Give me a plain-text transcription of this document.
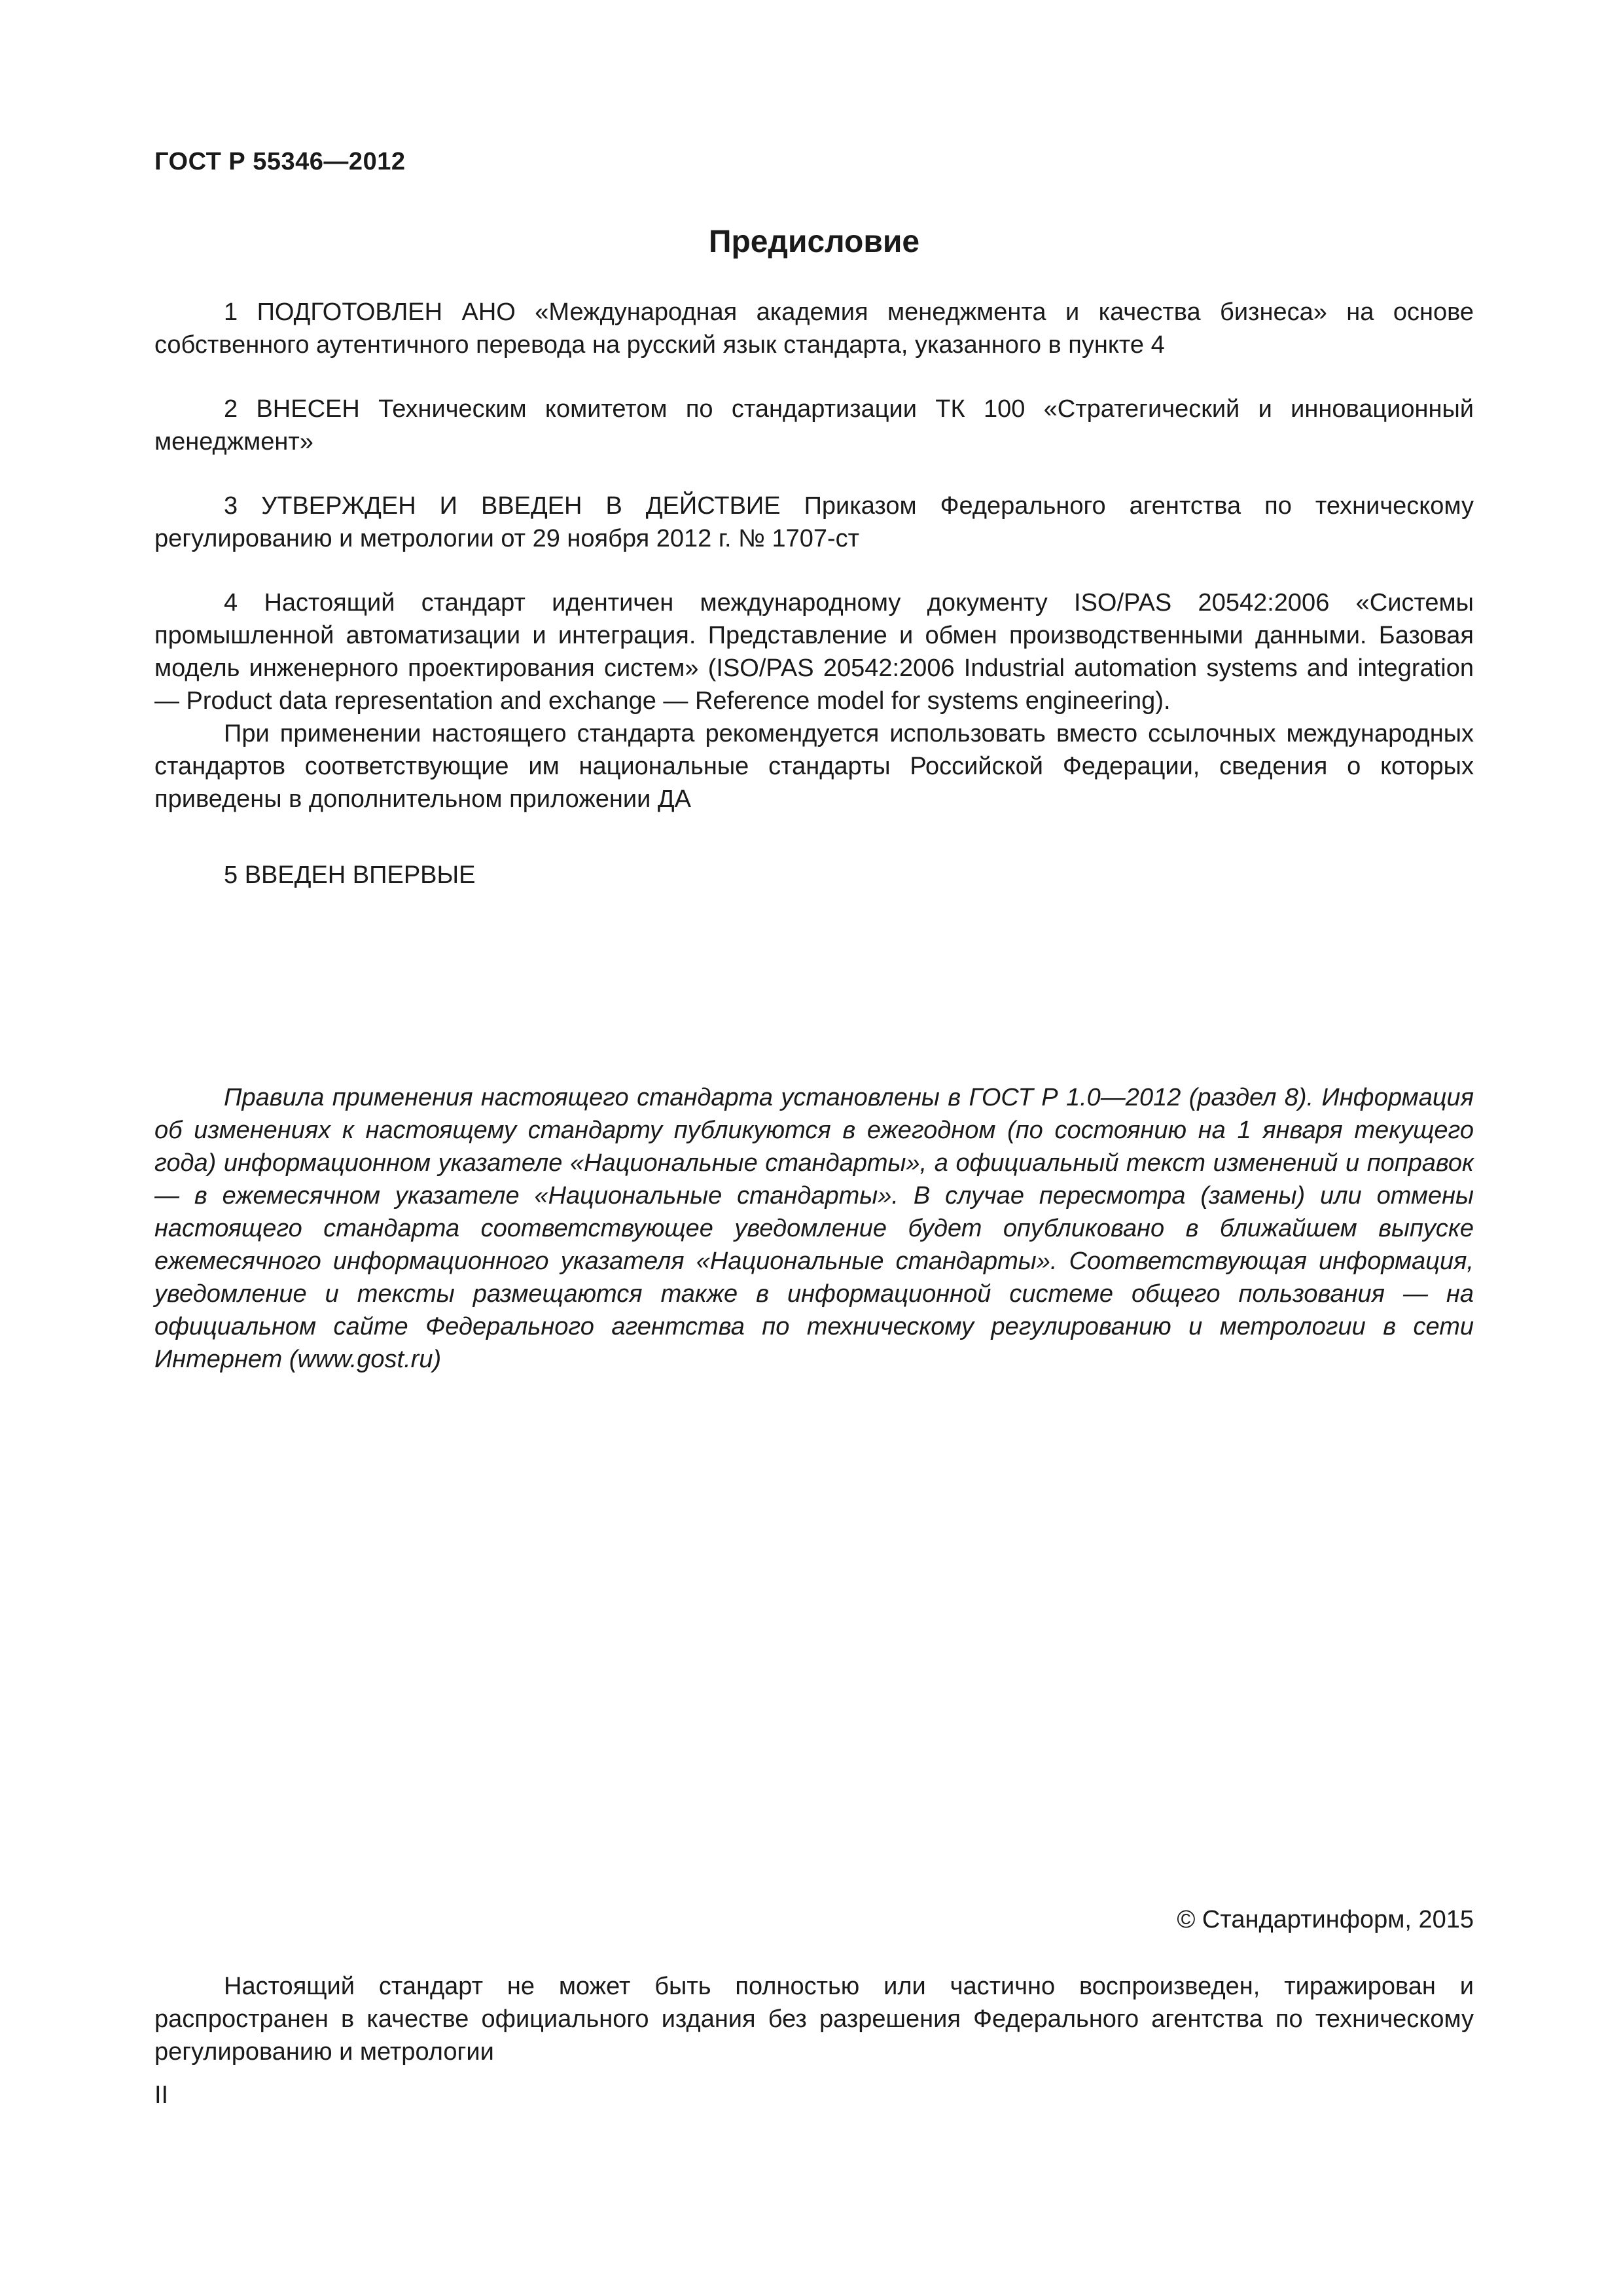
ГОСТ Р 55346—2012
Предисловие

1 ПОДГОТОВЛЕН АНО «Международная академия менеджмента и качества бизнеса» на основе собственного аутентичного перевода на русский язык стандарта, указанного в пункте 4

2 ВНЕСЕН Техническим комитетом по стандартизации ТК 100 «Стратегический и инновационный менеджмент»

3 УТВЕРЖДЕН И ВВЕДЕН В ДЕЙСТВИЕ Приказом Федерального агентства по техническому регулированию и метрологии от 29 ноября 2012 г. № 1707-ст

4 Настоящий стандарт идентичен международному документу ISO/PAS 20542:2006 «Системы промышленной автоматизации и интеграция. Представление и обмен производственными данными. Базовая модель инженерного проектирования систем» (ISO/PAS 20542:2006 Industrial automation systems and integration — Product data representation and exchange — Reference model for systems engineering).

При применении настоящего стандарта рекомендуется использовать вместо ссылочных международных стандартов соответствующие им национальные стандарты Российской Федерации, сведения о которых приведены в дополнительном приложении ДА

5 ВВЕДЕН ВПЕРВЫЕ

Правила применения настоящего стандарта установлены в ГОСТ Р 1.0—2012 (раздел 8). Информация об изменениях к настоящему стандарту публикуются в ежегодном (по состоянию на 1 января текущего года) информационном указателе «Национальные стандарты», а официальный текст изменений и поправок — в ежемесячном указателе «Национальные стандарты». В случае пересмотра (замены) или отмены настоящего стандарта соответствующее уведомление будет опубликовано в ближайшем выпуске ежемесячного информационного указателя «Национальные стандарты». Соответствующая информация, уведомление и тексты размещаются также в информационной системе общего пользования — на официальном сайте Федерального агентства по техническому регулированию и метрологии в сети Интернет (www.gost.ru)

© Стандартинформ, 2015

Настоящий стандарт не может быть полностью или частично воспроизведен, тиражирован и распространен в качестве официального издания без разрешения Федерального агентства по техническому регулированию и метрологии

II
